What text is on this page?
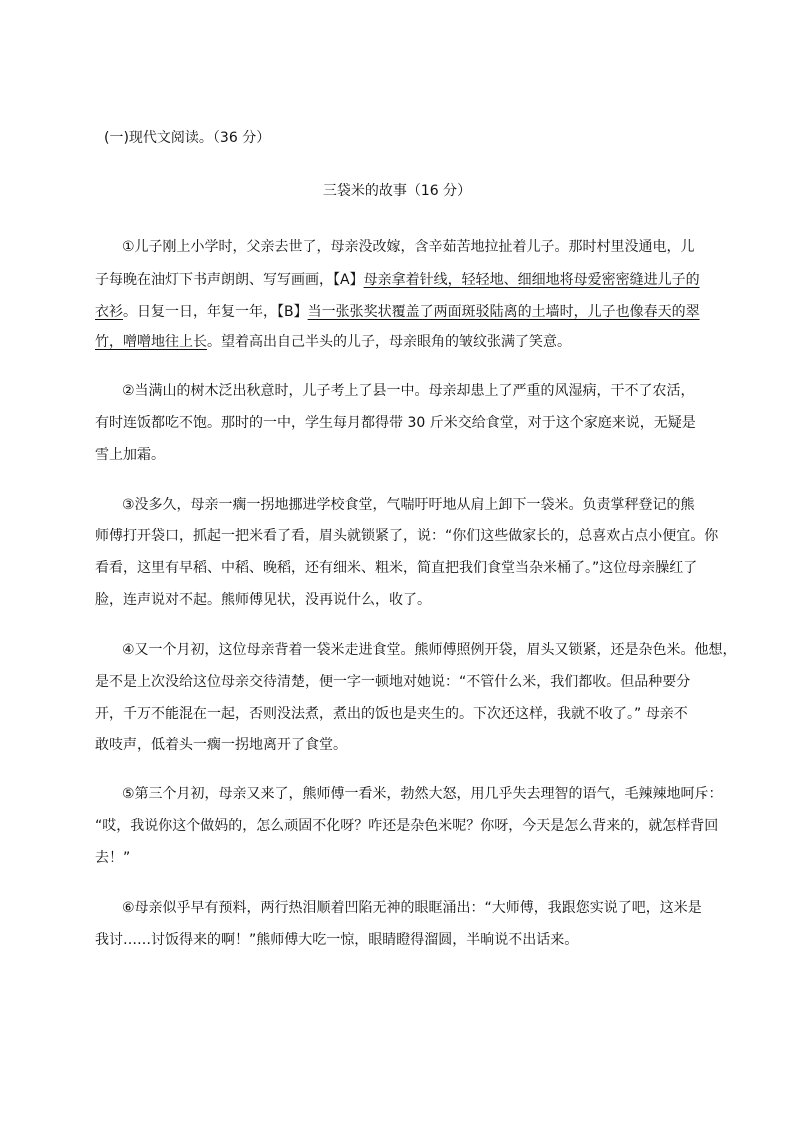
(一)现代文阅读。（36 分）
三袋米的故事（16 分）
①儿子刚上小学时，父亲去世了，母亲没改嫁，含辛茹苦地拉扯着儿子。那时村里没通电，儿
子每晚在油灯下书声朗朗、写写画画，【A】母亲拿着针线，轻轻地、细细地将母爱密密缝进儿子的
衣衫。日复一日，年复一年，【B】当一张张奖状覆盖了两面斑驳陆离的土墙时，儿子也像春天的翠
竹，噌噌地往上长。望着高出自己半头的儿子，母亲眼角的皱纹张满了笑意。
②当满山的树木泛出秋意时，儿子考上了县一中。母亲却患上了严重的风湿病，干不了农活，
有时连饭都吃不饱。那时的一中，学生每月都得带 30 斤米交给食堂，对于这个家庭来说，无疑是
雪上加霜。
③没多久，母亲一瘸一拐地挪进学校食堂，气喘吁吁地从肩上卸下一袋米。负责掌秤登记的熊
师傅打开袋口，抓起一把米看了看，眉头就锁紧了，说：“你们这些做家长的，总喜欢占点小便宜。你
看看，这里有早稻、中稻、晚稻，还有细米、粗米，简直把我们食堂当杂米桶了。”这位母亲臊红了
脸，连声说对不起。熊师傅见状，没再说什么，收了。
④又一个月初，这位母亲背着一袋米走进食堂。熊师傅照例开袋，眉头又锁紧，还是杂色米。他想，
是不是上次没给这位母亲交待清楚，便一字一顿地对她说：“不管什么米，我们都收。但品种要分
开，千万不能混在一起，否则没法煮，煮出的饭也是夹生的。下次还这样，我就不收了。” 母亲不
敢吱声，低着头一瘸一拐地离开了食堂。
⑤第三个月初，母亲又来了，熊师傅一看米，勃然大怒，用几乎失去理智的语气，毛辣辣地呵斥：
“哎，我说你这个做妈的，怎么顽固不化呀？咋还是杂色米呢？你呀，今天是怎么背来的，就怎样背回
去！”
⑥母亲似乎早有预料，两行热泪顺着凹陷无神的眼眶涌出：“大师傅，我跟您实说了吧，这米是
我讨……讨饭得来的啊！”熊师傅大吃一惊，眼睛瞪得溜圆，半晌说不出话来。
